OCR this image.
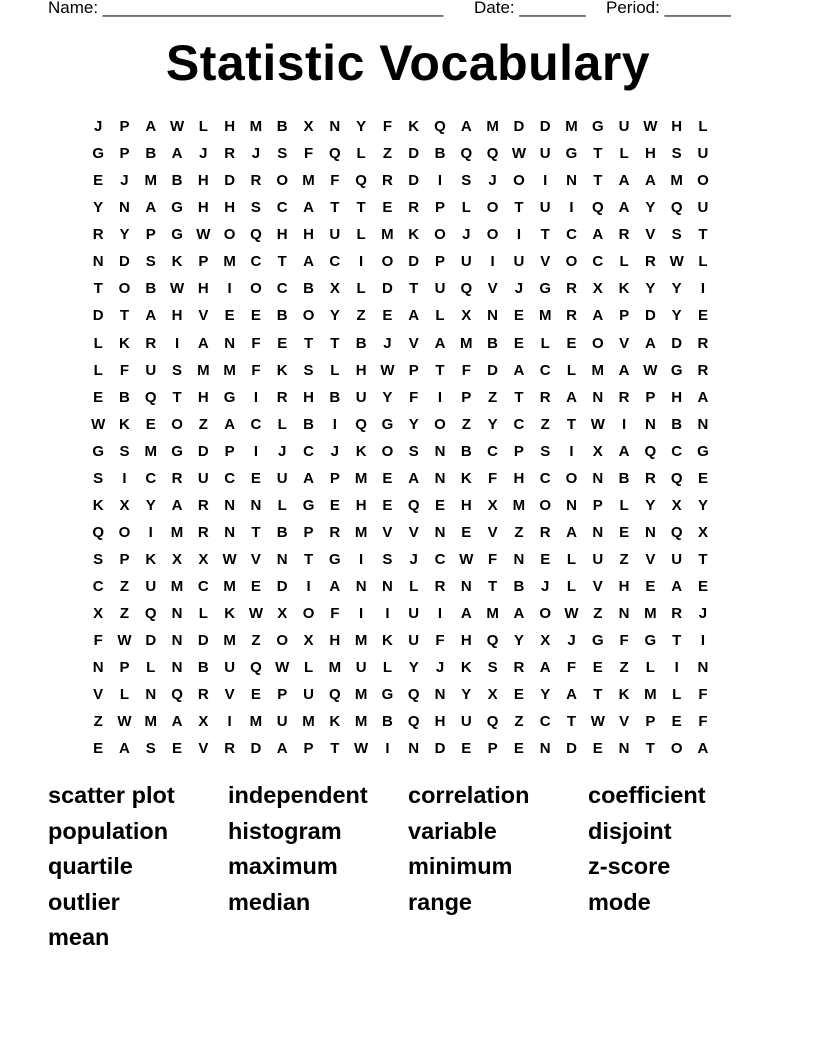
Name: ____________________________________ Date: _______ Period: _______
Statistic Vocabulary
J	P	A	W	L	H	M	B	X	N	Y	F	K	Q	A	M	D	D	M	G	U	W	H	L
G	P	B	A	J	R	J	S	F	Q	L	Z	D	B	Q	Q	W	U	G	T	L	H	S	U
E	J	M	B	H	D	R	O	M	F	Q	R	D	I	S	J	O	I	N	T	A	A	M	O
Y	N	A	G	H	H	S	C	A	T	T	E	R	P	L	O	T	U	I	Q	A	Y	Q	U
R	Y	P	G	W	O	Q	H	H	U	L	M	K	O	J	O	I	T	C	A	R	V	S	T
N	D	S	K	P	M	C	T	A	C	I	O	D	P	U	I	U	V	O	C	L	R	W	L
T	O	B	W	H	I	O	C	B	X	L	D	T	U	Q	V	J	G	R	X	K	Y	Y	I
D	T	A	H	V	E	E	B	O	Y	Z	E	A	L	X	N	E	M	R	A	P	D	Y	E
L	K	R	I	A	N	F	E	T	T	B	J	V	A	M	B	E	L	E	O	V	A	D	R
L	F	U	S	M	M	F	K	S	L	H	W	P	T	F	D	A	C	L	M	A	W	G	R
E	B	Q	T	H	G	I	R	H	B	U	Y	F	I	P	Z	T	R	A	N	R	P	H	A
W	K	E	O	Z	A	C	L	B	I	Q	G	Y	O	Z	Y	C	Z	T	W	I	N	B	N
G	S	M	G	D	P	I	J	C	J	K	O	S	N	B	C	P	S	I	X	A	Q	C	G
S	I	C	R	U	C	E	U	A	P	M	E	A	N	K	F	H	C	O	N	B	R	Q	E
K	X	Y	A	R	N	N	L	G	E	H	E	Q	E	H	X	M	O	N	P	L	Y	X	Y
Q	O	I	M	R	N	T	B	P	R	M	V	V	N	E	V	Z	R	A	N	E	N	Q	X
S	P	K	X	X	W	V	N	T	G	I	S	J	C	W	F	N	E	L	U	Z	V	U	T
C	Z	U	M	C	M	E	D	I	A	N	N	L	R	N	T	B	J	L	V	H	E	A	E
X	Z	Q	N	L	K	W	X	O	F	I	I	U	I	A	M	A	O	W	Z	N	M	R	J
F	W	D	N	D	M	Z	O	X	H	M	K	U	F	H	Q	Y	X	J	G	F	G	T	I
N	P	L	N	B	U	Q	W	L	M	U	L	Y	J	K	S	R	A	F	E	Z	L	I	N
V	L	N	Q	R	V	E	P	U	Q	M	G	Q	N	Y	X	E	Y	A	T	K	M	L	F
Z	W	M	A	X	I	M	U	M	K	M	B	Q	H	U	Q	Z	C	T	W	V	P	E	F
E	A	S	E	V	R	D	A	P	T	W	I	N	D	E	P	E	N	D	E	N	T	O	A
scatter plot	independent	correlation	coefficient
population	histogram	variable	disjoint
quartile	maximum	minimum	z-score
outlier	median	range	mode
mean
